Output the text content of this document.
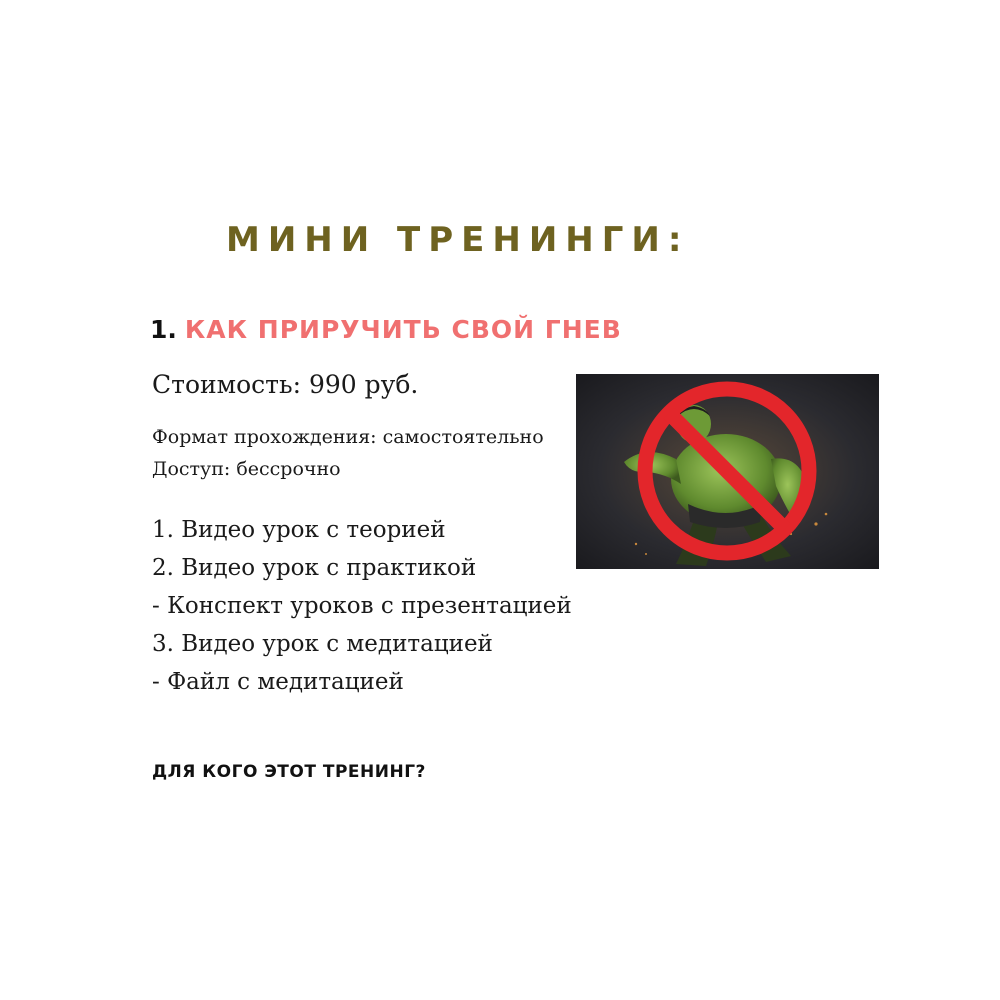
МИНИ ТРЕНИНГИ:
1. КАК ПРИРУЧИТЬ СВОЙ ГНЕВ
Стоимость: 990 руб.
Формат прохождения: самостоятельно
Доступ: бессрочно
1. Видео урок с теорией
2. Видео урок с практикой
- Конспект уроков с презентацией
3. Видео урок с медитацией
- Файл с медитацией
ДЛЯ КОГО ЭТОТ ТРЕНИНГ?
